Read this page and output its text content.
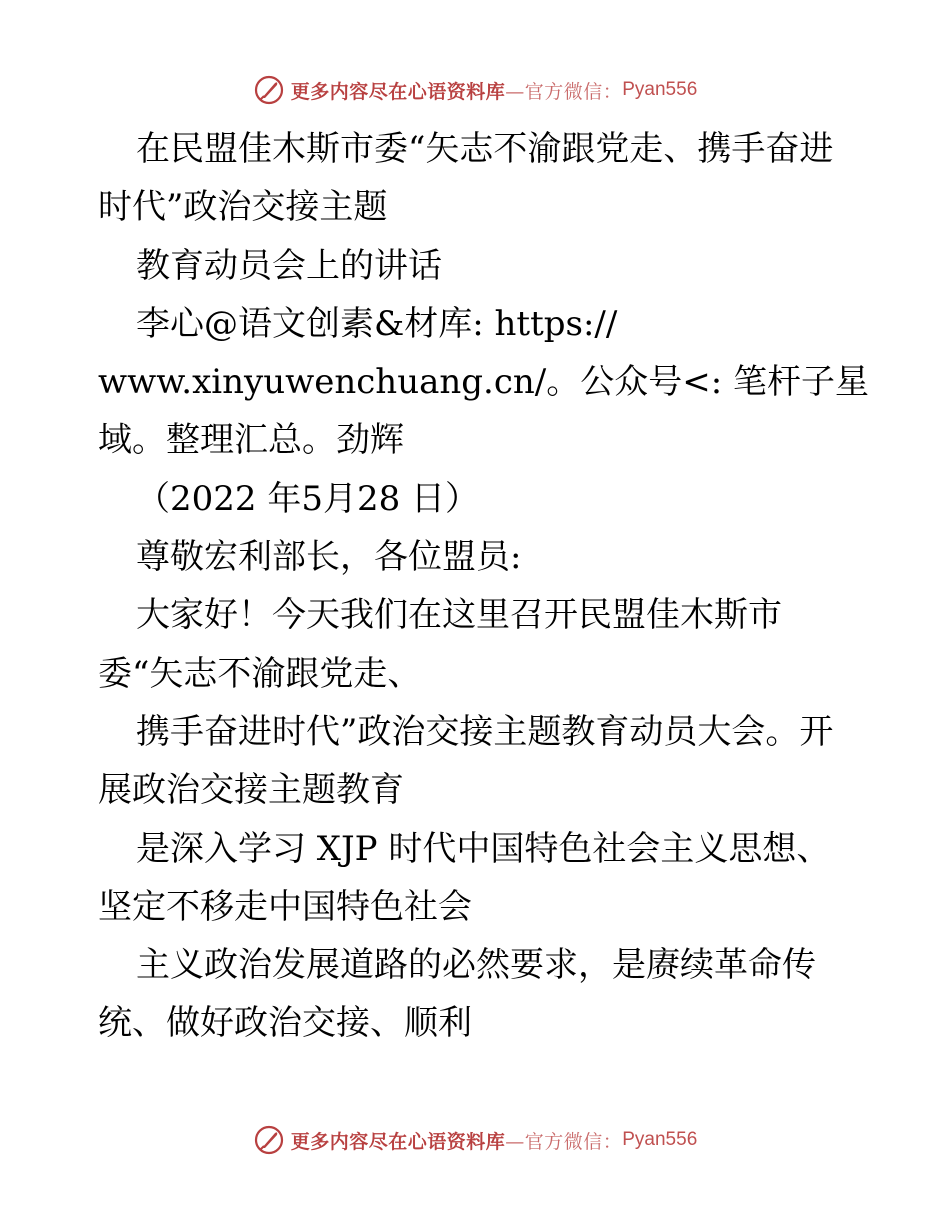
更多内容尽在心语资料库 —官方微信： Pyan556
在民盟佳木斯市委“矢志不渝跟党走、携手奋进
时代”政治交接主题
教育动员会上的讲话
李心@语文创素&材库: https://
www.xinyuwenchuang.cn/。公众号<: 笔杆子星
域。整理汇总。劲辉
（2022 年5月28 日）
尊敬宏利部长，各位盟员:
大家好！今天我们在这里召开民盟佳木斯市
委“矢志不渝跟党走、
携手奋进时代”政治交接主题教育动员大会。开
展政治交接主题教育
是深入学习 XJP 时代中国特色社会主义思想、
坚定不移走中国特色社会
主义政治发展道路的必然要求，是赓续革命传
统、做好政治交接、顺利
更多内容尽在心语资料库 —官方微信： Pyan556
